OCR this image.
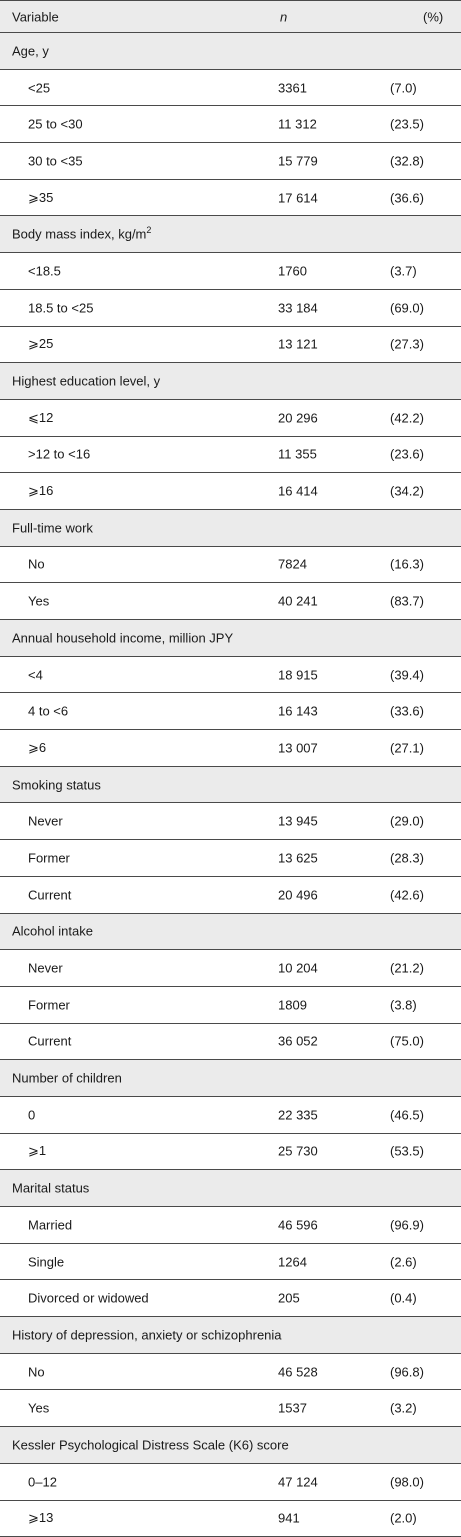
Variable	n	(%)
Age, y
<25	3361	(7.0)
25 to <30	11 312	(23.5)
30 to <35	15 779	(32.8)
⩾35	17 614	(36.6)
Body mass index, $kg/m^2$
<18.5	1760	(3.7)
18.5 to <25	33 184	(69.0)
⩾25	13 121	(27.3)
Highest education level, y
⩽12	20 296	(42.2)
>12 to <16	11 355	(23.6)
⩾16	16 414	(34.2)
Full-time work
No	7824	(16.3)
Yes	40 241	(83.7)
Annual household income, million JPY
<4	18 915	(39.4)
4 to <6	16 143	(33.6)
⩾6	13 007	(27.1)
Smoking status
Never	13 945	(29.0)
Former	13 625	(28.3)
Current	20 496	(42.6)
Alcohol intake
Never	10 204	(21.2)
Former	1809	(3.8)
Current	36 052	(75.0)
Number of children
0	22 335	(46.5)
⩾1	25 730	(53.5)
Marital status
Married	46 596	(96.9)
Single	1264	(2.6)
Divorced or widowed	205	(0.4)
History of depression, anxiety or schizophrenia
No	46 528	(96.8)
Yes	1537	(3.2)
Kessler Psychological Distress Scale (K6) score
0–12	47 124	(98.0)
⩾13	941	(2.0)
